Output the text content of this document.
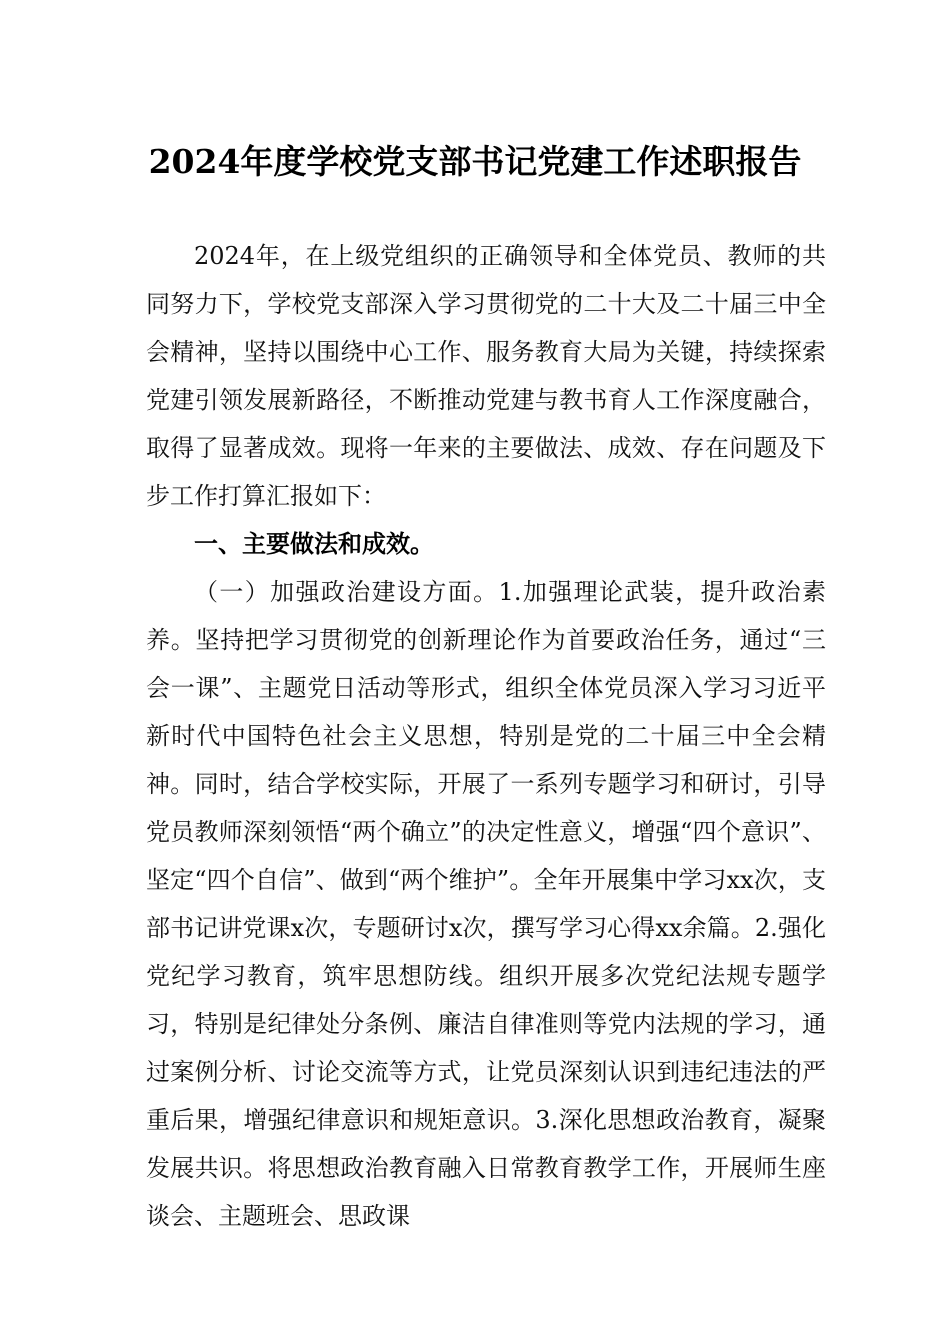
2024年度学校党支部书记党建工作述职报告

2024年，在上级党组织的正确领导和全体党员、教师的共同努力下，学校党支部深入学习贯彻党的二十大及二十届三中全会精神，坚持以围绕中心工作、服务教育大局为关键，持续探索党建引领发展新路径，不断推动党建与教书育人工作深度融合，取得了显著成效。现将一年来的主要做法、成效、存在问题及下步工作打算汇报如下：

一、主要做法和成效。

（一）加强政治建设方面。1.加强理论武装，提升政治素养。坚持把学习贯彻党的创新理论作为首要政治任务，通过“三会一课”、主题党日活动等形式，组织全体党员深入学习习近平新时代中国特色社会主义思想，特别是党的二十届三中全会精神。同时，结合学校实际，开展了一系列专题学习和研讨，引导党员教师深刻领悟“两个确立”的决定性意义，增强“四个意识”、坚定“四个自信”、做到“两个维护”。全年开展集中学习xx次，支部书记讲党课x次，专题研讨x次，撰写学习心得xx余篇。2.强化党纪学习教育，筑牢思想防线。组织开展多次党纪法规专题学习，特别是纪律处分条例、廉洁自律准则等党内法规的学习，通过案例分析、讨论交流等方式，让党员深刻认识到违纪违法的严重后果，增强纪律意识和规矩意识。3.深化思想政治教育，凝聚发展共识。将思想政治教育融入日常教育教学工作，开展师生座谈会、主题班会、思政课
